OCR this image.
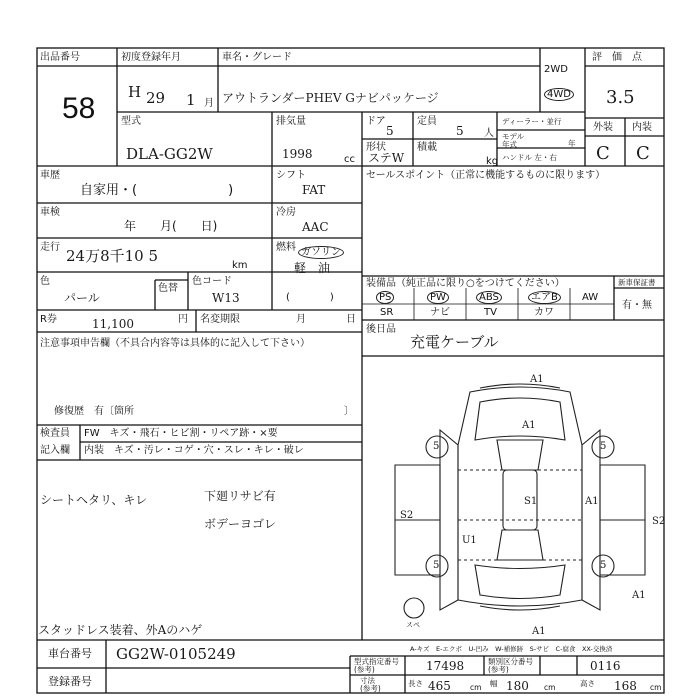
出品番号
58
初度登録年月
H 29 1 月
車名・グレード
アウトランダーPHEV Gナビパッケージ
2WD
4WD
評　価　点
3.5
型式
DLA-GG2W
排気量
1998	cc
ドア
5
定員
5 人
形状
ステW
積載
kg
ディーラー・並行
モデル
年式	年
ハンドル 左・右
外装 内装
C C
車歴
自家用・(　　　　　　　)
シフト
FAT
セールスポイント（正常に機能するものに限ります）
車検
年　　月(　　日)
冷房
AAC
走行 24万8千10 5
km
燃料 ガソリン
軽　油
(　　　　)
色
パール
色替
色コード
W13
装備品（純正品に限り○をつけてください）
PS	PW	ABS	エアB	AW
SR	ナビ	TV	カワ
新車保証書
有・無
後日品
充電ケーブル
R券	11,100	円 名変期限	月	日
注意事項申告欄（不具合内容等は具体的に記入して下さい）
修復歴　有〔箇所	〕
検査員
記入欄
FW　キズ・飛石・ヒビ割・リペア跡・×要
内装　キズ・汚レ・コゲ・穴・スレ・キレ・破レ
シートヘタリ、キレ	下廻リサビ有
ボデーヨゴレ
スタッドレス装着、外Aのハゲ
A1
A1
S1	A1
S2
U1
S2
A1
A1
5	5
5	5
スペ
A-キズ　E-エクボ　U-凹み　W-補修跡　S-サビ　C-腐食　XX-交換済
車台番号 GG2W-0105249
登録番号
型式指定番号
(参考)	17498	類別区分番号
(参考)	0116
寸法
(参考)
長さ 465	cm 幅 180 cm	高さ 168 cm
